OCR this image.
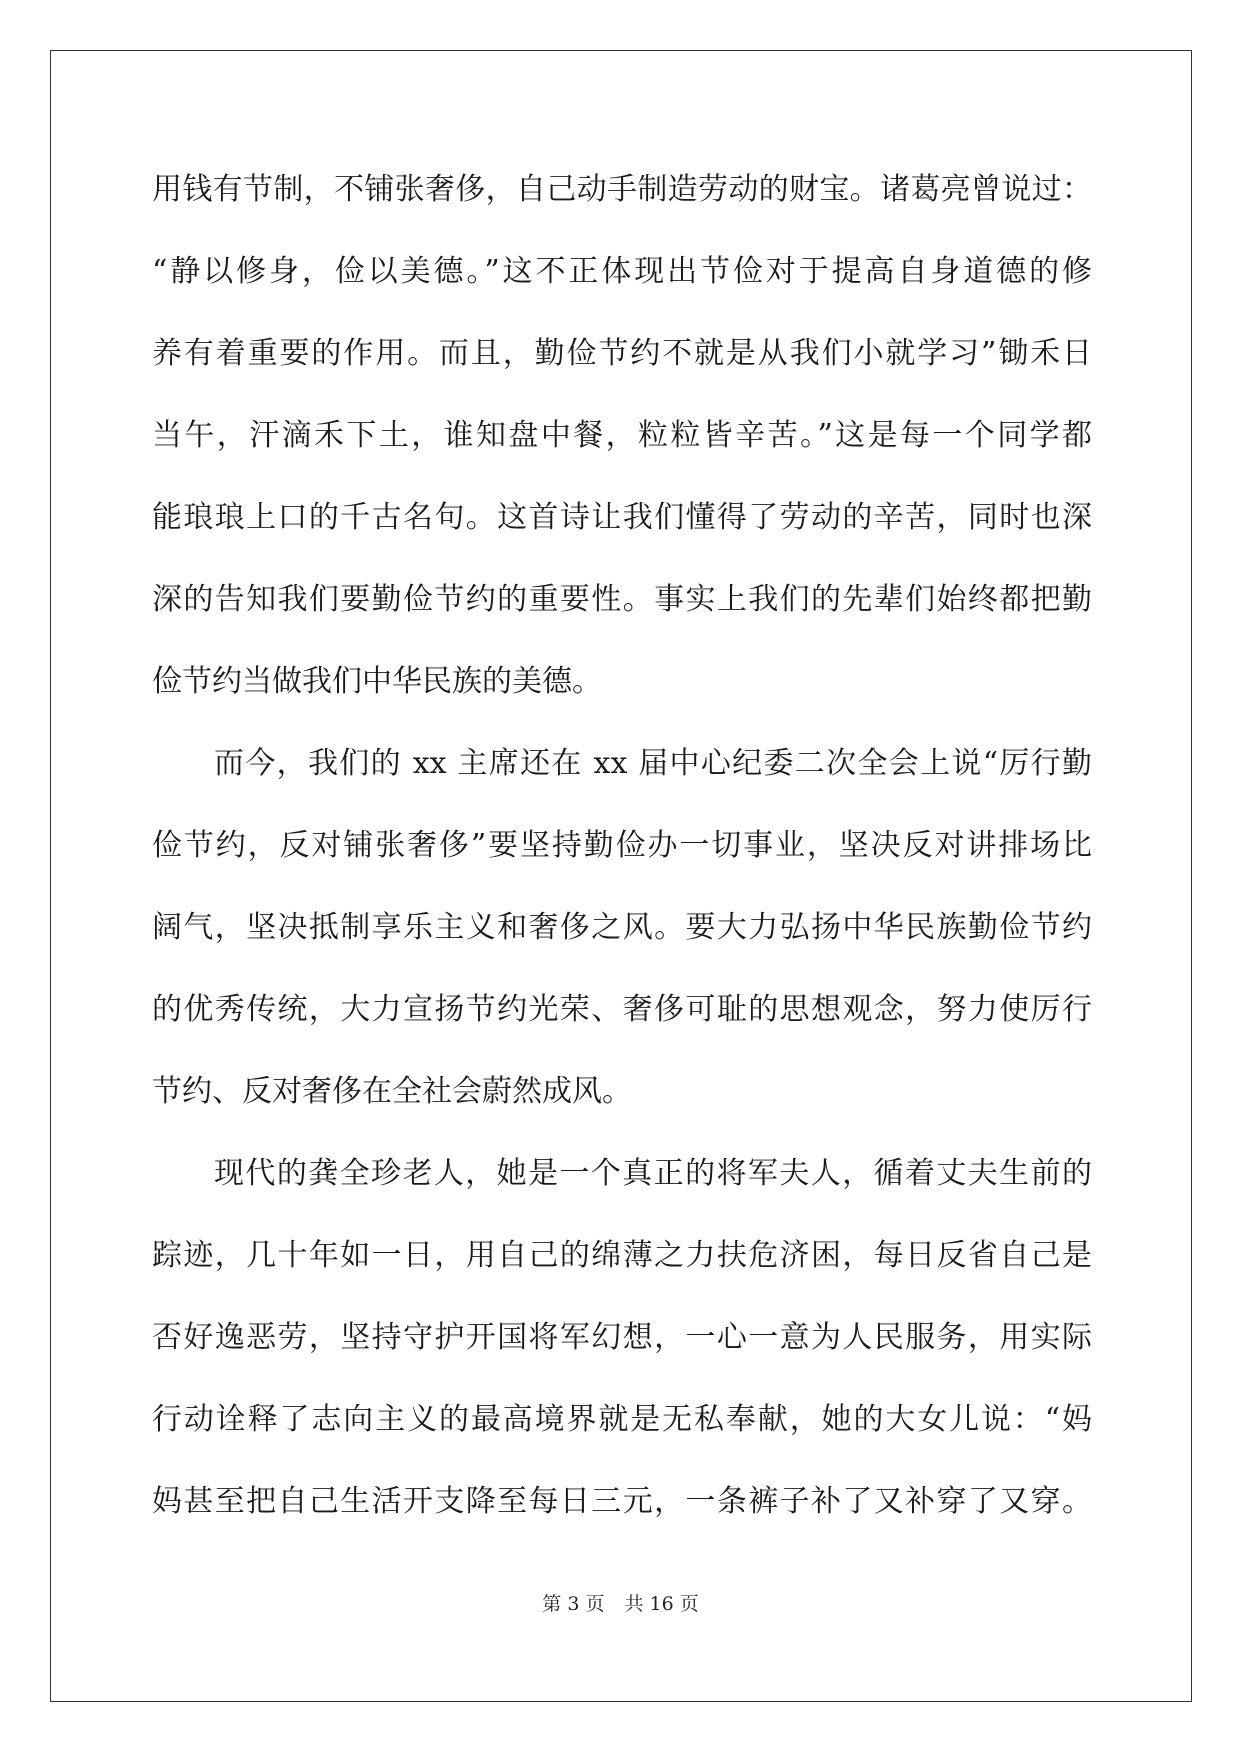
用钱有节制，不铺张奢侈，自己动手制造劳动的财宝。诸葛亮曾说过：
“静以修身，俭以美德。”这不正体现出节俭对于提高自身道德的修
养有着重要的作用。而且，勤俭节约不就是从我们小就学习”锄禾日
当午，汗滴禾下土，谁知盘中餐，粒粒皆辛苦。”这是每一个同学都
能琅琅上口的千古名句。这首诗让我们懂得了劳动的辛苦，同时也深
深的告知我们要勤俭节约的重要性。事实上我们的先辈们始终都把勤
俭节约当做我们中华民族的美德。
而今，我们的 xx 主席还在 xx 届中心纪委二次全会上说“厉行勤
俭节约，反对铺张奢侈”要坚持勤俭办一切事业，坚决反对讲排场比
阔气，坚决抵制享乐主义和奢侈之风。要大力弘扬中华民族勤俭节约
的优秀传统，大力宣扬节约光荣、奢侈可耻的思想观念，努力使厉行
节约、反对奢侈在全社会蔚然成风。
现代的龚全珍老人，她是一个真正的将军夫人，循着丈夫生前的
踪迹，几十年如一日，用自己的绵薄之力扶危济困，每日反省自己是
否好逸恶劳，坚持守护开国将军幻想，一心一意为人民服务，用实际
行动诠释了志向主义的最高境界就是无私奉献，她的大女儿说：“妈
妈甚至把自己生活开支降至每日三元，一条裤子补了又补穿了又穿。
第 3 页 共 16 页
